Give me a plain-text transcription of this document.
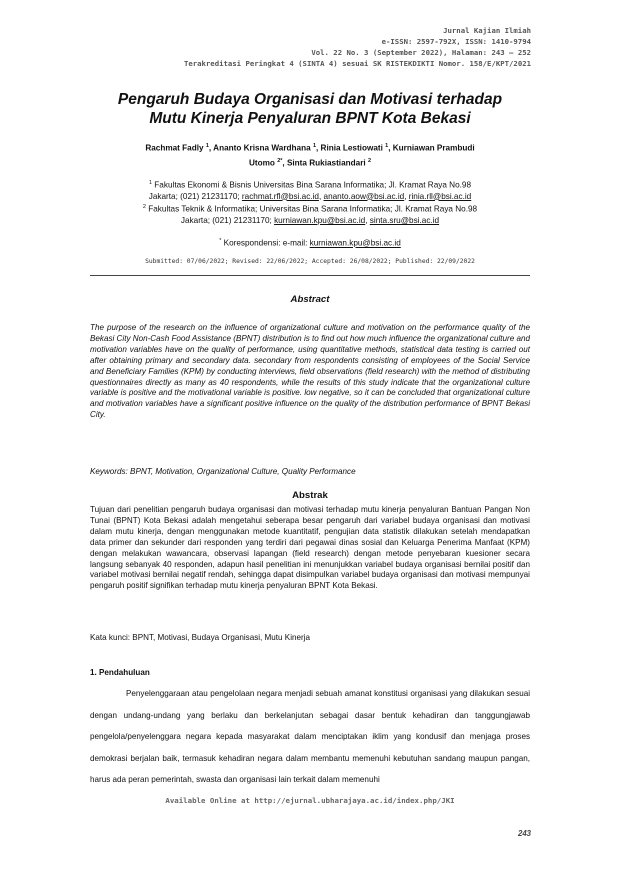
Jurnal Kajian Ilmiah
e-ISSN: 2597-792X, ISSN: 1410-9794
Vol. 22 No. 3 (September 2022), Halaman: 243 – 252
Terakreditasi Peringkat 4 (SINTA 4) sesuai SK RISTEKDIKTI Nomor. 158/E/KPT/2021
Pengaruh Budaya Organisasi dan Motivasi terhadap
Mutu Kinerja Penyaluran BPNT Kota Bekasi
Rachmat Fadly $^1$, Ananto Krisna Wardhana $^1$, Rinia Lestiowati $^1$, Kurniawan Prambudi
Utomo $^{2*}$, Sinta Rukiastiandari $^2$
$^1$ Fakultas Ekonomi & Bisnis Universitas Bina Sarana Informatika; Jl. Kramat Raya No.98
Jakarta; (021) 21231170; rachmat.rfl@bsi.ac.id, ananto.aow@bsi.ac.id, rinia.rll@bsi.ac.id
$^2$ Fakultas Teknik & Informatika; Universitas Bina Sarana Informatika; Jl. Kramat Raya No.98
Jakarta; (021) 21231170; kurniawan.kpu@bsi.ac.id, sinta.sru@bsi.ac.id
* Korespondensi: e-mail: kurniawan.kpu@bsi.ac.id
Submitted: 07/06/2022; Revised: 22/06/2022; Accepted: 26/08/2022; Published: 22/09/2022
Abstract
The purpose of the research on the influence of organizational culture and motivation on the performance quality of the Bekasi City Non-Cash Food Assistance (BPNT) distribution is to find out how much influence the organizational culture and motivation variables have on the quality of performance, using quantitative methods, statistical data testing is carried out after obtaining primary and secondary data. secondary from respondents consisting of employees of the Social Service and Beneficiary Families (KPM) by conducting interviews, field observations (field research) with the method of distributing questionnaires directly as many as 40 respondents, while the results of this study indicate that the organizational culture variable is positive and the motivational variable is positive. low negative, so it can be concluded that organizational culture and motivation variables have a significant positive influence on the quality of the distribution performance of BPNT Bekasi City.
Keywords: BPNT, Motivation, Organizational Culture, Quality Performance
Abstrak
Tujuan dari penelitian pengaruh budaya organisasi dan motivasi terhadap mutu kinerja penyaluran Bantuan Pangan Non Tunai (BPNT) Kota Bekasi adalah mengetahui seberapa besar pengaruh dari variabel budaya organisasi dan motivasi dalam mutu kinerja, dengan menggunakan metode kuantitatif, pengujian data statistik dilakukan setelah mendapatkan data primer dan sekunder dari responden yang terdiri dari pegawai dinas sosial dan Keluarga Penerima Manfaat (KPM) dengan melakukan wawancara, observasi lapangan (field research) dengan metode penyebaran kuesioner secara langsung sebanyak 40 responden, adapun hasil penelitian ini menunjukkan variabel budaya organisasi bernilai positif dan variabel motivasi bernilai negatif rendah, sehingga dapat disimpulkan variabel budaya organisasi dan motivasi mempunyai pengaruh positif signifikan terhadap mutu kinerja penyaluran BPNT Kota Bekasi.
Kata kunci: BPNT, Motivasi, Budaya Organisasi, Mutu Kinerja
1. Pendahuluan
Penyelenggaraan atau pengelolaan negara menjadi sebuah amanat konstitusi organisasi yang dilakukan sesuai dengan undang-undang yang berlaku dan berkelanjutan sebagai dasar bentuk kehadiran dan tanggungjawab pengelola/penyelenggara negara kepada masyarakat dalam menciptakan iklim yang kondusif dan menjaga proses demokrasi berjalan baik, termasuk kehadiran negara dalam membantu memenuhi kebutuhan sandang maupun pangan, harus ada peran pemerintah, swasta dan organisasi lain terkait dalam memenuhi
Available Online at http://ejurnal.ubharajaya.ac.id/index.php/JKI
243
